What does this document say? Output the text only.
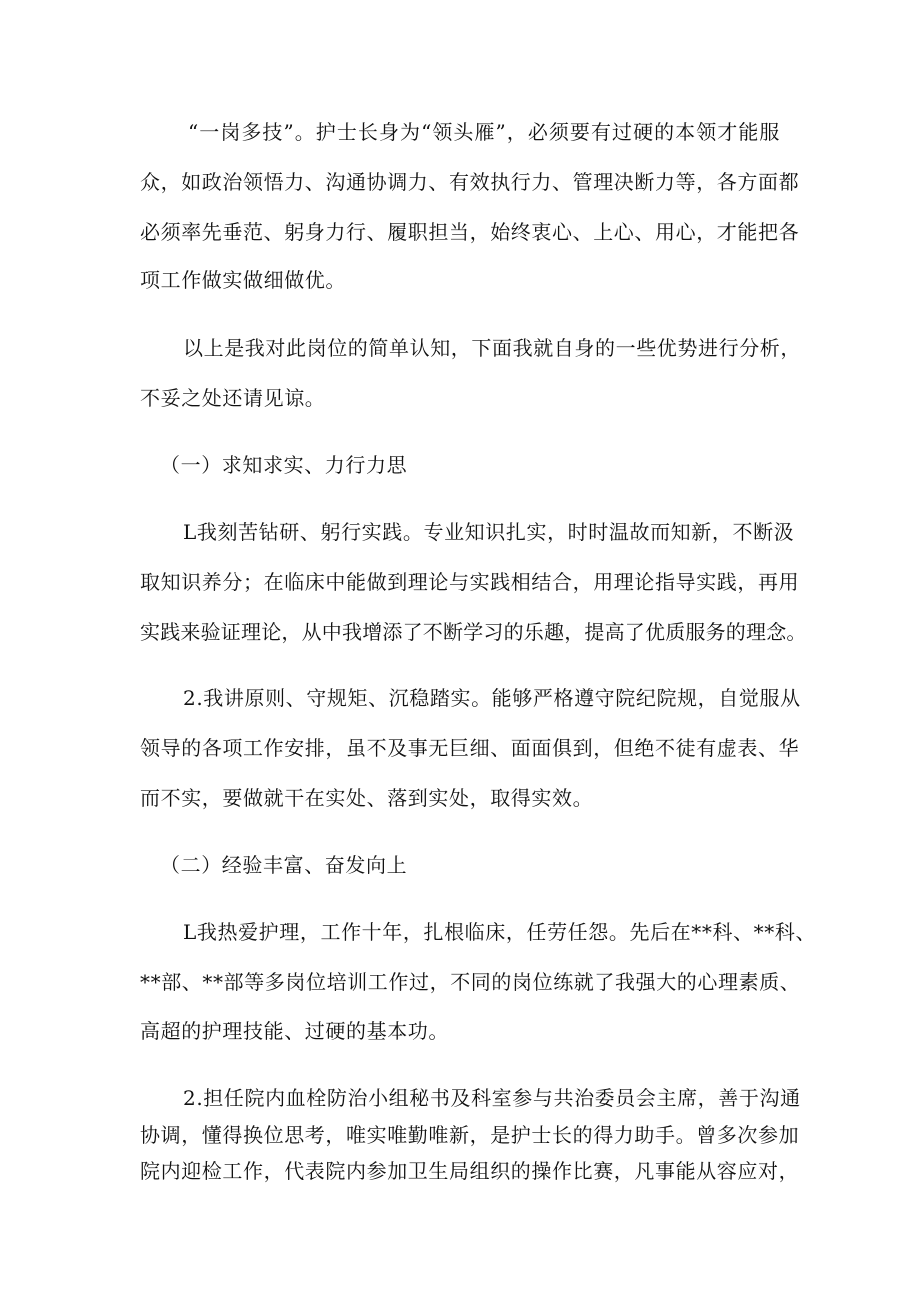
“一岗多技”。护士长身为“领头雁”，必须要有过硬的本领才能服
众，如政治领悟力、沟通协调力、有效执行力、管理决断力等，各方面都
必须率先垂范、躬身力行、履职担当，始终衷心、上心、用心，才能把各
项工作做实做细做优。
以上是我对此岗位的简单认知，下面我就自身的一些优势进行分析，
不妥之处还请见谅。
（一）求知求实、力行力思
L我刻苦钻研、躬行实践。专业知识扎实，时时温故而知新，不断汲
取知识养分；在临床中能做到理论与实践相结合，用理论指导实践，再用
实践来验证理论，从中我增添了不断学习的乐趣，提高了优质服务的理念。
2.我讲原则、守规矩、沉稳踏实。能够严格遵守院纪院规，自觉服从
领导的各项工作安排，虽不及事无巨细、面面俱到，但绝不徒有虚表、华
而不实，要做就干在实处、落到实处，取得实效。
（二）经验丰富、奋发向上
L我热爱护理，工作十年，扎根临床，任劳任怨。先后在**科、**科、
**部、**部等多岗位培训工作过，不同的岗位练就了我强大的心理素质、
高超的护理技能、过硬的基本功。
2.担任院内血栓防治小组秘书及科室参与共治委员会主席，善于沟通
协调，懂得换位思考，唯实唯勤唯新，是护士长的得力助手。曾多次参加
院内迎检工作，代表院内参加卫生局组织的操作比赛，凡事能从容应对，
